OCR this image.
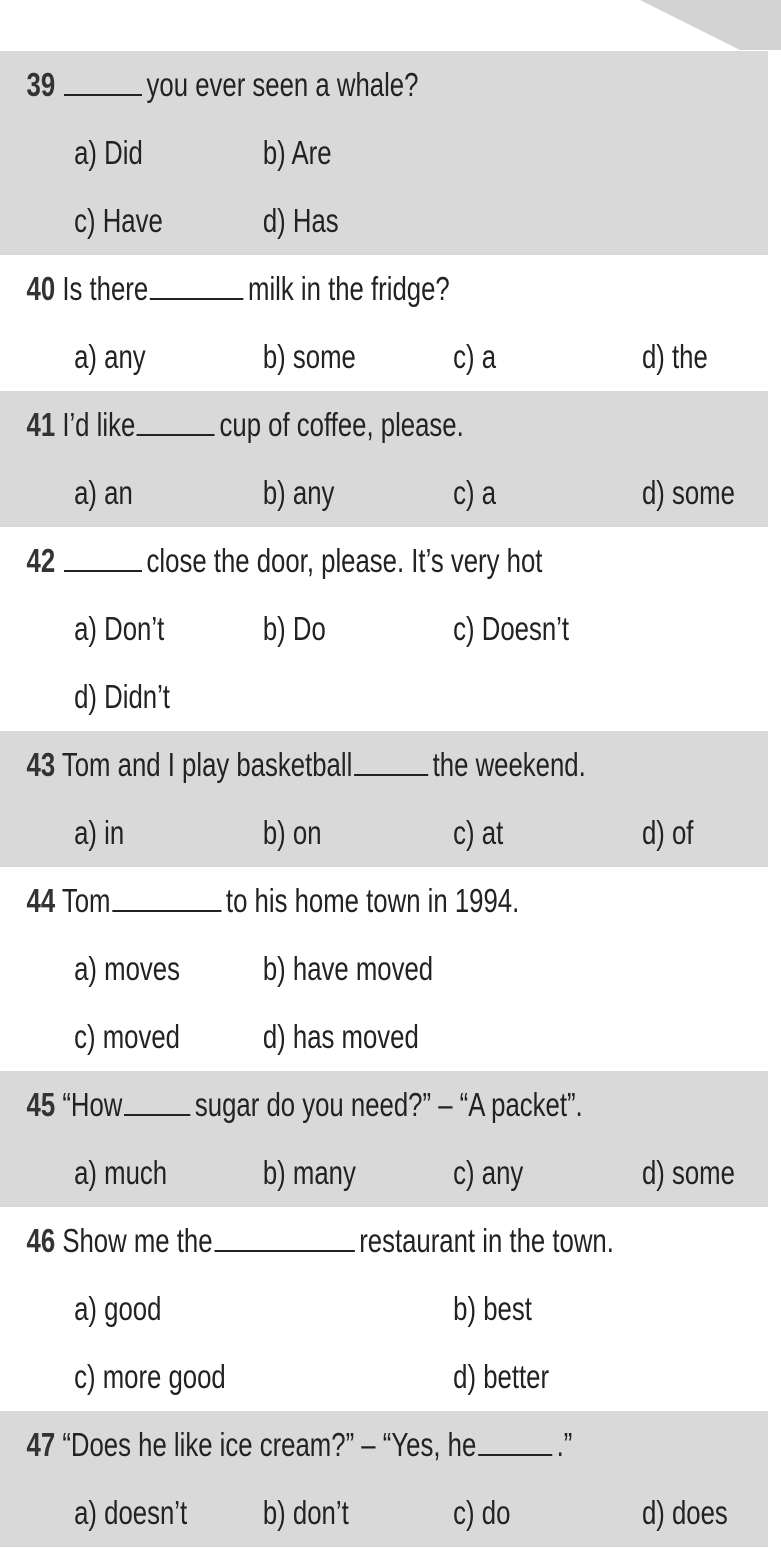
39	you ever seen a whale?
a) Did	b) Are
c) Have	d) Has
40 Is there	milk in the fridge?
a) any	b) some	c) a	d) the
41 I’d like	cup of coffee, please.
a) an	b) any	c) a	d) some
42	close the door, please. It’s very hot
a) Don’t	b) Do	c) Doesn’t
d) Didn’t
43 Tom and I play basketball the weekend.
a) in	b) on	c) at	d) of
44 Tom	to his home town in 1994.
a) moves	b) have moved
c) moved	d) has moved
45 “How sugar do you need?” – “A packet”.
a) much	b) many	c) any	d) some
46 Show me the	restaurant in the town.
a) good	b) best
c) more good	d) better
47 “Does he like ice cream?” – “Yes, he .”
a) doesn’t b) don’t	c) do	d) does
